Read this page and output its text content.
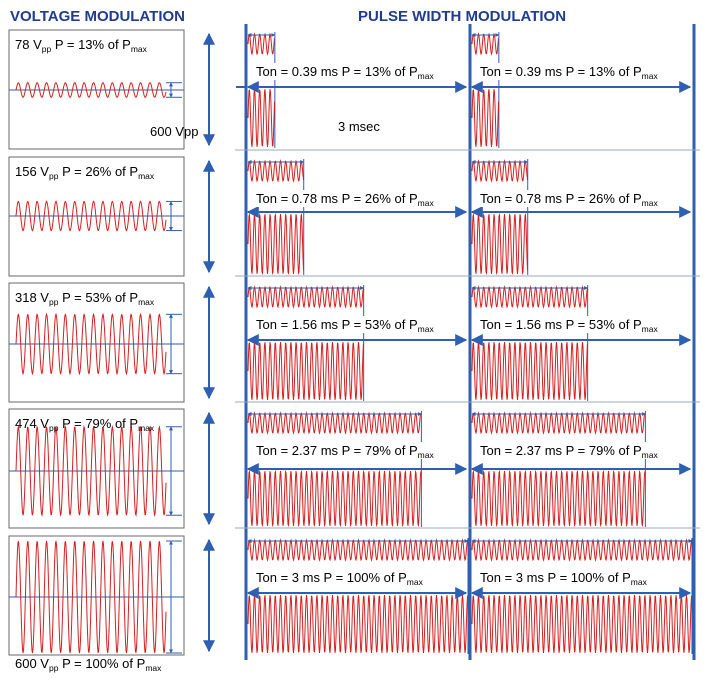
VOLTAGE MODULATION	PULSE WIDTH MODULATION
600 Vpp	3 msec
78 $V_{pp}$ P = 13% of $P_{max}$
156 $V_{pp}$ P = 26% of $P_{max}$
318 $V_{pp}$ P = 53% of $P_{max}$
474 $V_{pp}$ P = 79% of $P_{max}$
600 $V_{pp}$ P = 100% of $P_{max}$
Ton = 0.39 ms P = 13% of $P_{max}$	Ton = 0.39 ms P = 13% of $P_{max}$
Ton = 0.78 ms P = 26% of $P_{max}$	Ton = 0.78 ms P = 26% of $P_{max}$
Ton = 1.56 ms P = 53% of $P_{max}$	Ton = 1.56 ms P = 53% of $P_{max}$
Ton = 2.37 ms P = 79% of $P_{max}$	Ton = 2.37 ms P = 79% of $P_{max}$
Ton = 3 ms P = 100% of $P_{max}$	Ton = 3 ms P = 100% of $P_{max}$
